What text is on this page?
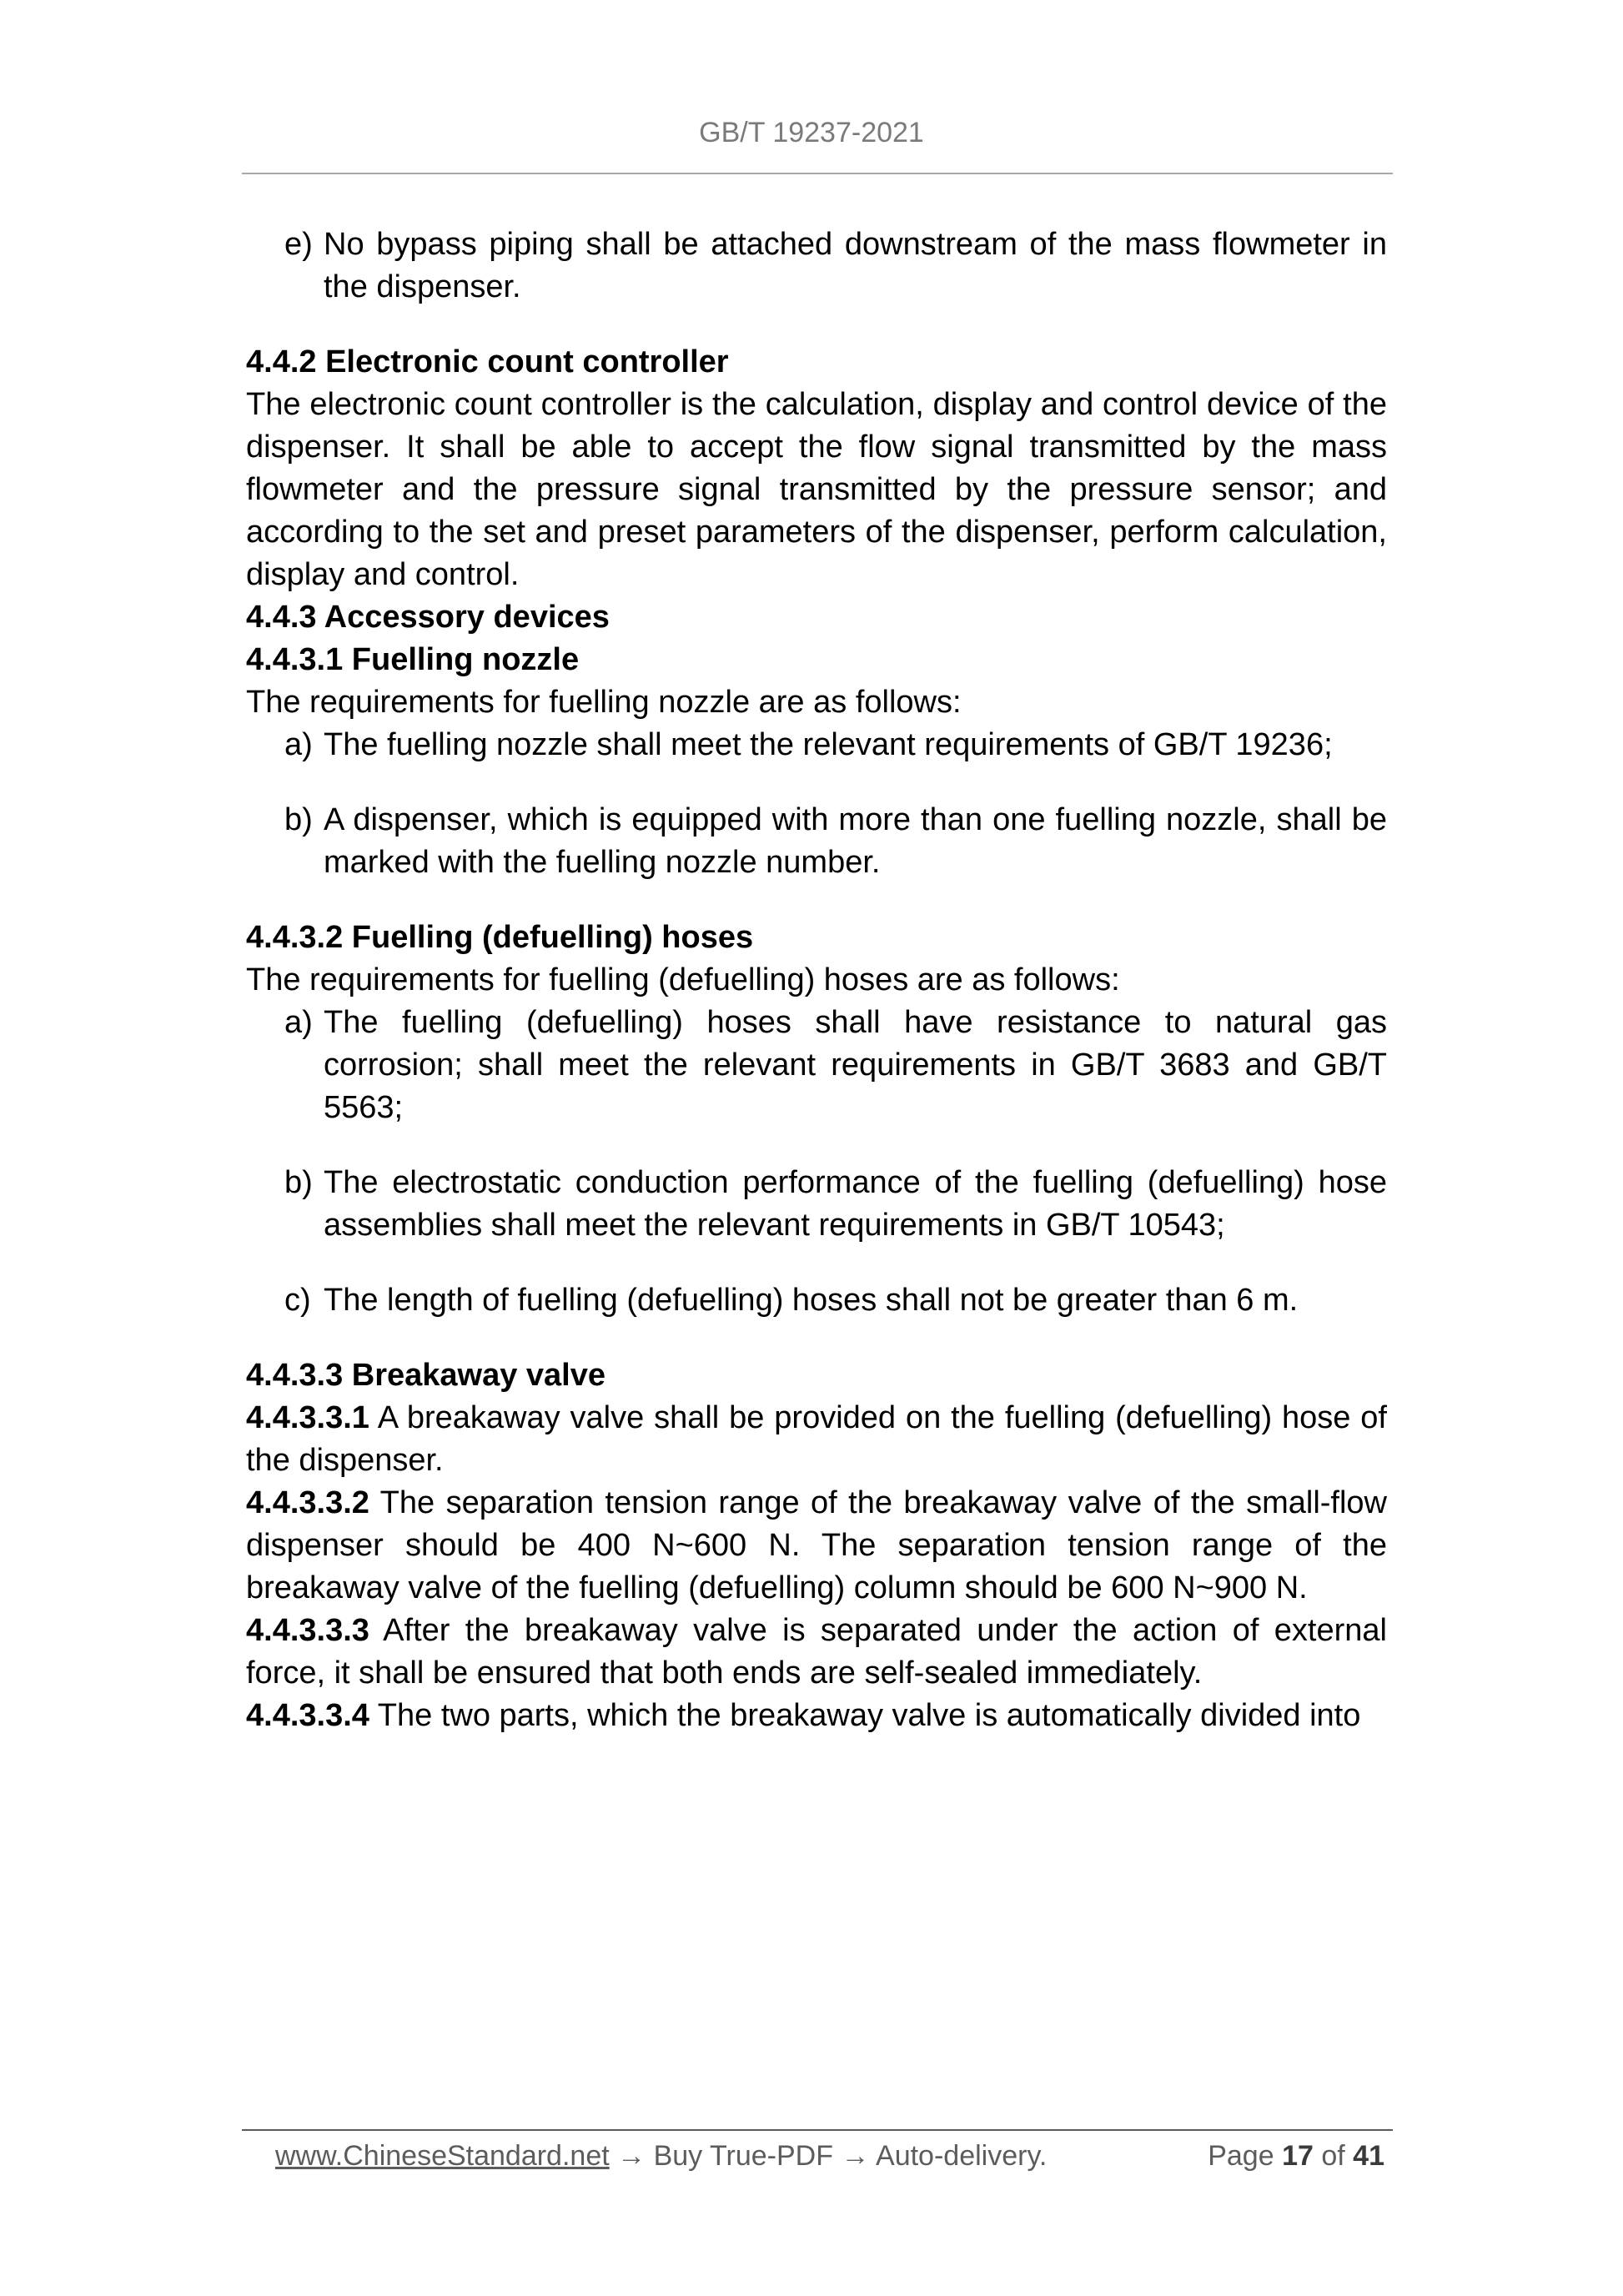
GB/T 19237-2021
e) No bypass piping shall be attached downstream of the mass flowmeter in the dispenser.

4.4.2 Electronic count controller

The electronic count controller is the calculation, display and control device of the dispenser. It shall be able to accept the flow signal transmitted by the mass flowmeter and the pressure signal transmitted by the pressure sensor; and according to the set and preset parameters of the dispenser, perform calculation, display and control.

4.4.3 Accessory devices

4.4.3.1 Fuelling nozzle

The requirements for fuelling nozzle are as follows:

a) The fuelling nozzle shall meet the relevant requirements of GB/T 19236;
b) A dispenser, which is equipped with more than one fuelling nozzle, shall be marked with the fuelling nozzle number.

4.4.3.2 Fuelling (defuelling) hoses

The requirements for fuelling (defuelling) hoses are as follows:

a) The fuelling (defuelling) hoses shall have resistance to natural gas corrosion; shall meet the relevant requirements in GB/T 3683 and GB/T 5563;
b) The electrostatic conduction performance of the fuelling (defuelling) hose assemblies shall meet the relevant requirements in GB/T 10543;
c) The length of fuelling (defuelling) hoses shall not be greater than 6 m.

4.4.3.3 Breakaway valve

4.4.3.3.1 A breakaway valve shall be provided on the fuelling (defuelling) hose of the dispenser.

4.4.3.3.2 The separation tension range of the breakaway valve of the small-flow dispenser should be 400 N~600 N. The separation tension range of the breakaway valve of the fuelling (defuelling) column should be 600 N~900 N.

4.4.3.3.3 After the breakaway valve is separated under the action of external force, it shall be ensured that both ends are self-sealed immediately.

4.4.3.3.4 The two parts, which the breakaway valve is automatically divided into

www.ChineseStandard.net → Buy True-PDF → Auto-delivery.	Page 17 of 41
